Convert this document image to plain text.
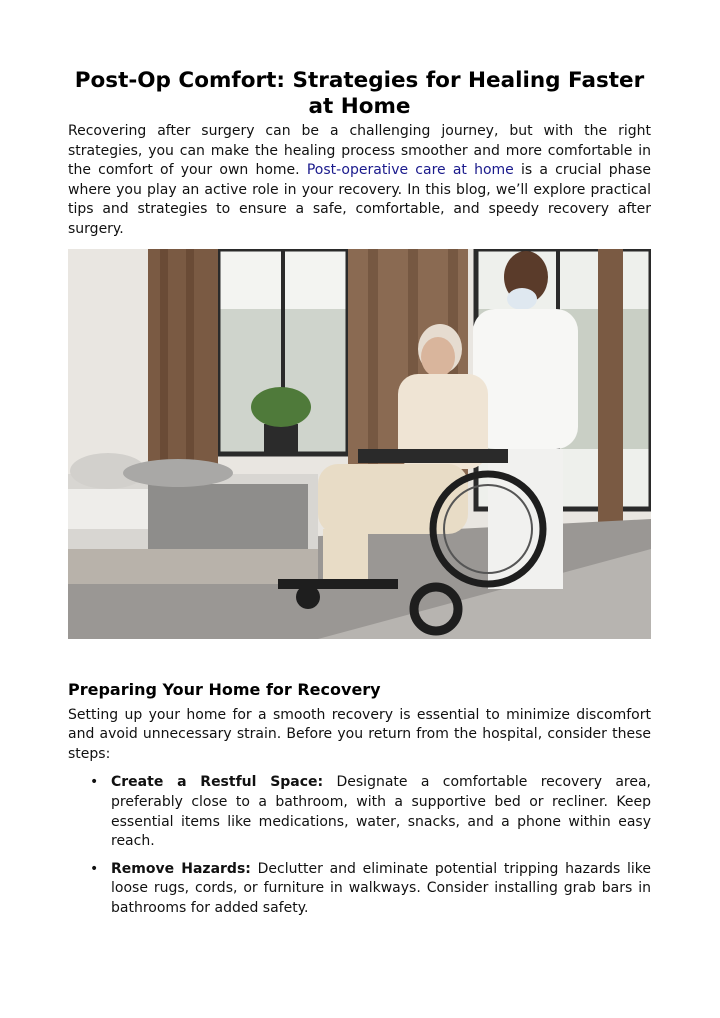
Post-Op Comfort: Strategies for Healing Faster at Home

Recovering after surgery can be a challenging journey, but with the right strategies, you can make the healing process smoother and more comfortable in the comfort of your own home. Post-operative care at home is a crucial phase where you play an active role in your recovery. In this blog, we’ll explore practical tips and strategies to ensure a safe, comfortable, and speedy recovery after surgery.

Preparing Your Home for Recovery

Setting up your home for a smooth recovery is essential to minimize discomfort and avoid unnecessary strain. Before you return from the hospital, consider these steps:

• Create a Restful Space: Designate a comfortable recovery area, preferably close to a bathroom, with a supportive bed or recliner. Keep essential items like medications, water, snacks, and a phone within easy reach.
• Remove Hazards: Declutter and eliminate potential tripping hazards like loose rugs, cords, or furniture in walkways. Consider installing grab bars in bathrooms for added safety.
